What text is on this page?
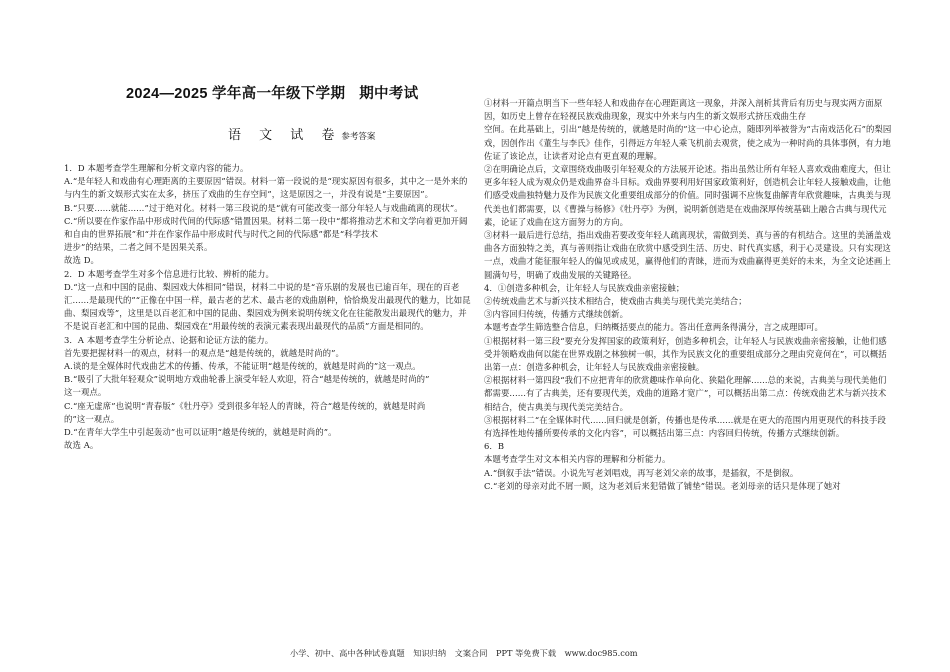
2024—2025 学年高一年级下学期 期中考试
语 文 试 卷参考答案

1．D 本题考查学生理解和分析文章内容的能力。

A.“是年轻人和戏曲有心理距离的主要原因”错误。材料一第一段说的是“现实原因有很多，其中之一是外来的与内生的新文娱形式实在太多，挤压了戏曲的生存空间”，这是原因之一，并没有说是“主要原因”。

B.“只要......就能......”过于绝对化。材料一第三段说的是“就有可能改变一部分年轻人与戏曲疏离的现状”。

C.“所以要在作家作品中形成时代间的代际感”错置因果。材料二第一段中“都将推动艺术和文学向着更加开阔和自由的世界拓展”和“并在作家作品中形成时代与时代之间的代际感”都是“科学技术

进步”的结果，二者之间不是因果关系。

故选 D。

2．D 本题考查学生对多个信息进行比较、辨析的能力。

D.“这一点和中国的昆曲、梨园戏大体相同”错误，材料二中说的是“音乐剧的发展也已逾百年，现在的百老汇......是最现代的”“正像在中国一样，最古老的艺术、最古老的戏曲剧种，恰恰焕发出最现代的魅力，比如昆曲、梨园戏等”，这里是以百老汇和中国的昆曲、梨园戏为例来说明传统文化在往能散发出最现代的魅力，并不是说百老汇和中国的昆曲、梨园戏在“用最传统的表演元素表现出最现代的品质”方面是相同的。

3．A 本题考查学生分析论点、论据和论证方法的能力。

首先要把握材料一的观点，材料一的观点是“越是传统的，就越是时尚的”。

A.谈的是全媒体时代戏曲艺术的传播、传承，不能证明“越是传统的，就越是时尚的”这一观点。

B.“吸引了大批年轻观众”说明地方戏曲轮番上演受年轻人欢迎，符合“越是传统的，就越是时尚的”

这一观点。

C.“座无虚席”也说明“青春版”《牡丹亭》受到很多年轻人的青睐，符合“越是传统的，就越是时尚

的”这一观点。

D.“在青年大学生中引起轰动”也可以证明“越是传统的，就越是时尚的”。

故选 A。

①材料一开篇点明当下一些年轻人和戏曲存在心理距离这一现象，并深入剖析其背后有历史与现实两方面原因，如历史上曾存在轻视民族戏曲现象，现实中外来与内生的新文娱形式挤压戏曲生存

空间。在此基础上，引出“越是传统的，就越是时尚的”这一中心论点，随即列举被誉为“古南戏活化石”的梨园戏，因创作出《董生与李氏》佳作，引得远方年轻人乘飞机前去观赏，使之成为一种时尚的具体事例，有力地佐证了该论点，让读者对论点有更直观的理解。

②在明确论点后，文章围绕戏曲吸引年轻观众的方法展开论述。指出虽然让所有年轻人喜欢戏曲难度大，但让更多年轻人成为观众仍是戏曲界奋斗目标。戏曲界要利用好国家政策利好，创造机会让年轻人接触戏曲，让他们感受戏曲独特魅力及作为民族文化重要组成部分的价值。同时强调不应恢复曲解青年欣赏趣味，古典美与现代美也们都需要，以《曹操与杨修》《牡丹亭》为例，说明新创造是在戏曲深厚传统基础上融合古典与现代元素，论证了戏曲在这方面努力的方向。

③材料一最后进行总结，指出戏曲若要改变年轻人疏离现状，需做到美、真与善的有机结合。这里的美涵盖戏曲各方面独特之美，真与善则指让戏曲在欣赏中感受到生活、历史、时代真实感，利于心灵建设。只有实现这一点，戏曲才能征服年轻人的偏见或成见，赢得他们的青睐，进而为戏曲赢得更美好的未来，为全文论述画上圆满句号，明确了戏曲发展的关键路径。

4．①创造多种机会，让年轻人与民族戏曲亲密接触；

②传统戏曲艺术与新兴技术相结合，使戏曲古典美与现代美完美结合；

③内容回归传统，传播方式继续创新。

本题考查学生筛选整合信息，归纳概括要点的能力。答出任意两条得满分，言之成理即可。

①根据材料一第三段“要充分发挥国家的政策利好，创造多种机会，让年轻人与民族戏曲亲密接触，让他们感受并领略戏曲何以能在世界戏剧之林独树一帜，其作为民族文化的重要组成部分之理由究竟何在”，可以概括出第一点：创造多种机会，让年轻人与民族戏曲亲密接触。

②根据材料一第四段“我们不应把青年的欣赏趣味作单向化、狭隘化理解......总的来说，古典美与现代美他们都需要......有了古典美，还有要现代美，戏曲的道路才宽广”，可以概括出第二点：传统戏曲艺术与新兴技术相结合，使古典美与现代美完美结合。

③根据材料二“在全媒体时代......回归就是创新，传播也是传承......就是在更大的范围内用更现代的科技手段有选择性地传播所要传承的文化内容”，可以概括出第三点：内容回归传统，传播方式继续创新。

6．B

本题考查学生对文本相关内容的理解和分析能力。

A.“倒叙手法”错误。小说先写老刘唱戏，再写老刘父亲的故事，是插叙，不是倒叙。

C.“老刘的母亲对此不屑一顾，这为老刘后来犯错做了铺垫”错误。老刘母亲的话只是体现了她对

小学、初中、高中各种试卷真题 知识归纳 文案合同 PPT 等免费下载 www.doc985.com
